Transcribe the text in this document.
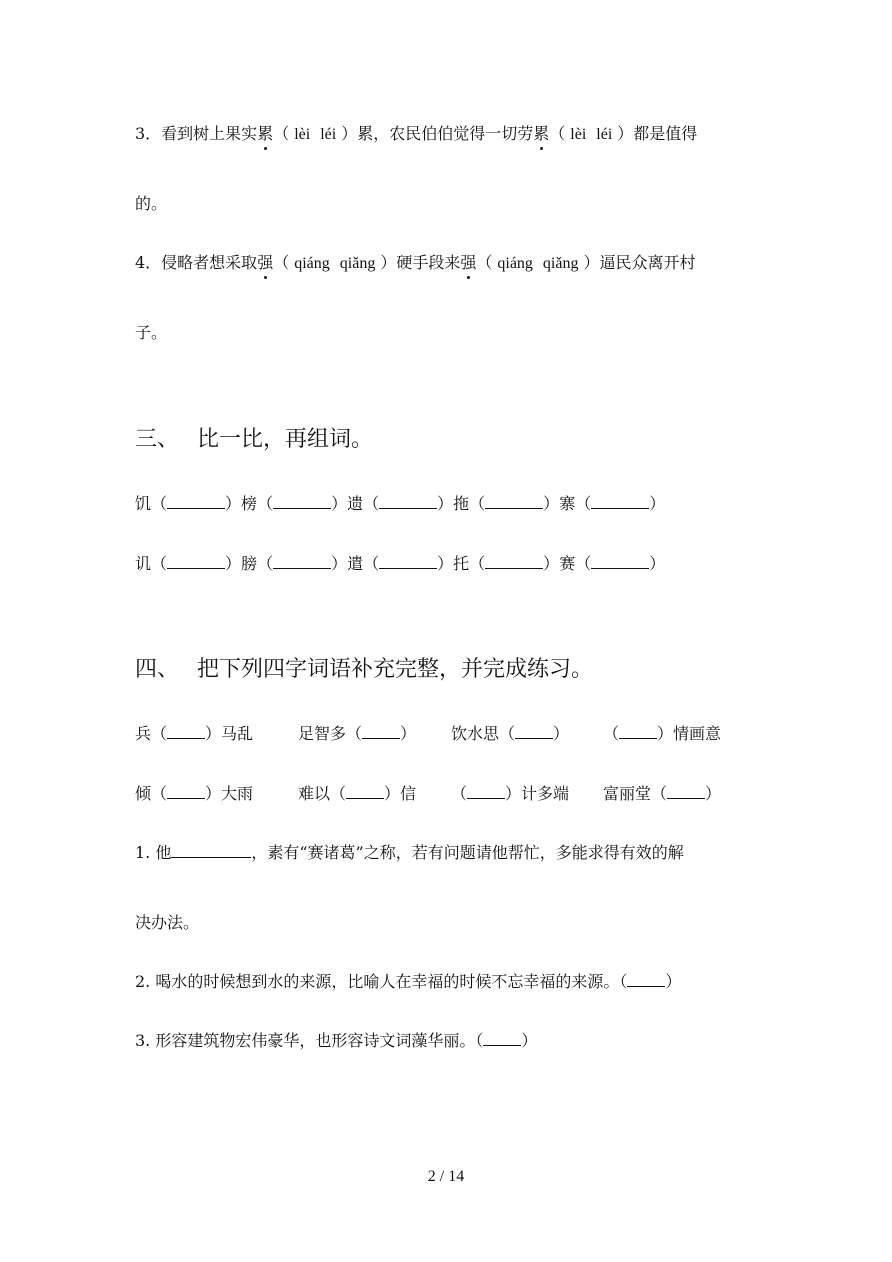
3．看到树上果实累（ lèi léi ）累，农民伯伯觉得一切劳累（ lèi léi ）都是值得
的。
4．侵略者想采取强（ qiáng qiǎng ）硬手段来强（ qiáng qiǎng ）逼民众离开村
子。
三、 比一比，再组词。
饥（	）榜（	）遗（	）拖（	）寨（	）
讥（	）膀（	）遣（	）托（	）赛（	）
四、 把下列四字词语补充完整，并完成练习。
兵（ ）马乱	足智多（ ） 饮水思（ ） （ ）情画意
倾（ ）大雨	难以（ ）信 （ ）计多端 富丽堂（ ）
1. 他	，素有“赛诸葛”之称，若有问题请他帮忙，多能求得有效的解
决办法。
2. 喝水的时候想到水的来源，比喻人在幸福的时候不忘幸福的来源。（ ）
3. 形容建筑物宏伟豪华，也形容诗文词藻华丽。（ ）
2 / 14
